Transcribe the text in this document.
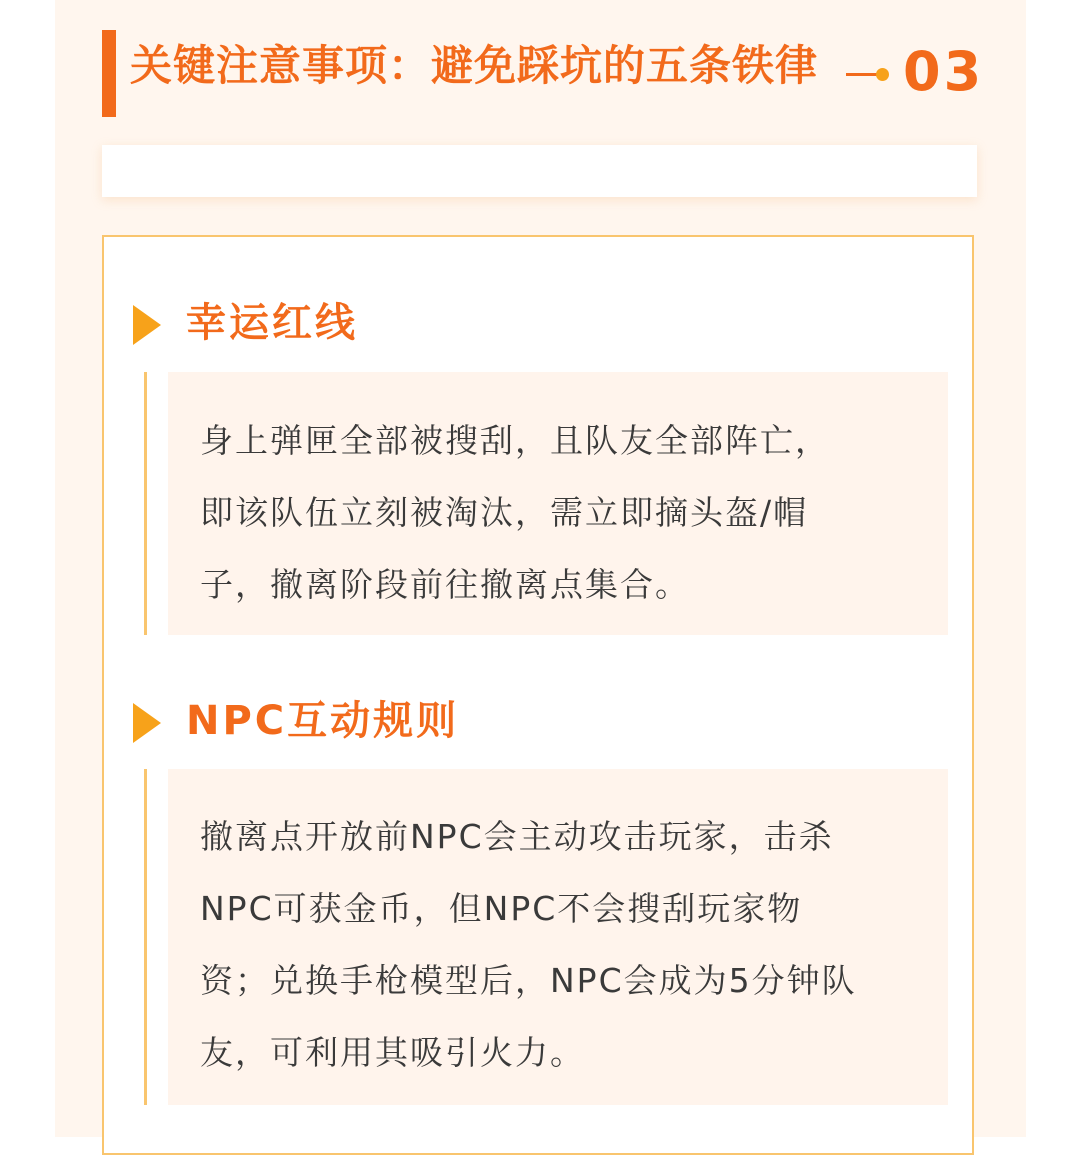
关键注意事项：避免踩坑的五条铁律 03
幸运红线
身上弹匣全部被搜刮，且队友全部阵亡，
即该队伍立刻被淘汰，需立即摘头盔/帽
子，撤离阶段前往撤离点集合。
NPC互动规则
撤离点开放前NPC会主动攻击玩家，击杀
NPC可获金币，但NPC不会搜刮玩家物
资；兑换手枪模型后，NPC会成为5分钟队
友，可利用其吸引火力。
